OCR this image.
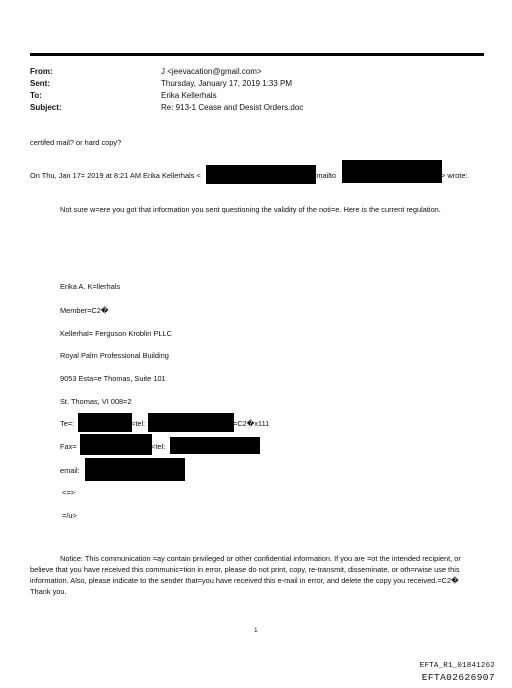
From:	J <jeevacation@gmail.com>
Sent:	Thursday, January 17, 2019 1:33 PM
To:	Erika Kellerhals
Subject:	Re: 913-1 Cease and Desist Orders.doc
certifed mail? or hard copy?
On Thu, Jan 17= 2019 at 8:21 AM Erika Kellerhals <	<mailto	> wrote:
Not sure w=ere you got that information you sent questioning the validity of the noti=e. Here is the current regulation.
Erika A. K=llerhals
Member=C2�
Kellerhal= Ferguson Kroblin PLLC
Royal Palm Professional Building
9053 Esta=e Thomas, Suite 101
St. Thomas, VI 008=2
Te=:	<tel:	=C2�x111
Fax=	<tel:
email:
<=>
=/u>
Notice: This communication =ay contain privileged or other confidential information. If you are =ot the intended recipient, or believe that you have received this communic=tion in error, please do not print, copy, re-transmit, disseminate, or oth=rwise use this information. Also, please indicate to the sender that=you have received this e-mail in error, and delete the copy you received.=C2� Thank you.
1
EFTA_R1_01841262
EFTA02626907
